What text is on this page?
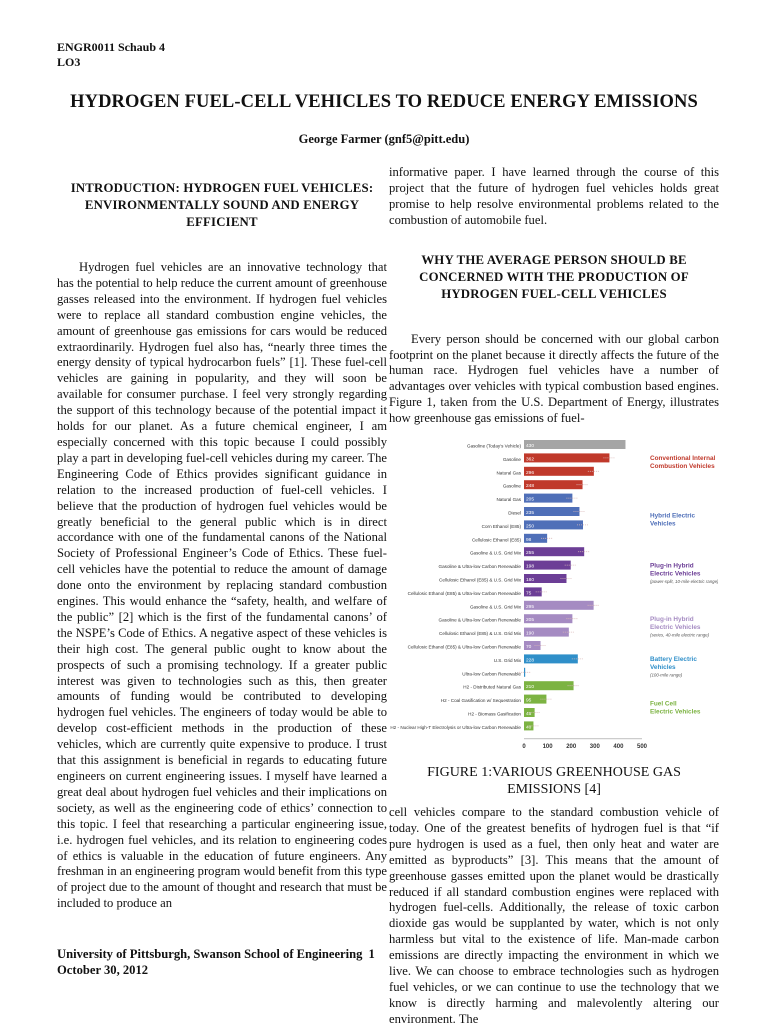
ENGR0011 Schaub 4
LO3
HYDROGEN FUEL-CELL VEHICLES TO REDUCE ENERGY EMISSIONS
George Farmer (gnf5@pitt.edu)
INTRODUCTION: HYDROGEN FUEL VEHICLES: ENVIRONMENTALLY SOUND AND ENERGY EFFICIENT

Hydrogen fuel vehicles are an innovative technology that has the potential to help reduce the current amount of greenhouse gasses released into the environment. If hydrogen fuel vehicles were to replace all standard combustion engine vehicles, the amount of greenhouse gas emissions for cars would be reduced extraordinarily. Hydrogen fuel also has, “nearly three times the energy density of typical hydrocarbon fuels” [1]. These fuel-cell vehicles are gaining in popularity, and they will soon be available for consumer purchase. I feel very strongly regarding the support of this technology because of the potential impact it holds for our planet. As a future chemical engineer, I am especially concerned with this topic because I could possibly play a part in developing fuel-cell vehicles during my career. The Engineering Code of Ethics provides significant guidance in relation to the increased production of fuel-cell vehicles. I believe that the production of hydrogen fuel vehicles would be greatly beneficial to the general public which is in direct accordance with one of the fundamental canons of the National Society of Professional Engineer’s Code of Ethics. These fuel-cell vehicles have the potential to reduce the amount of damage done onto the environment by replacing standard combustion engines. This would enhance the “safety, health, and welfare of the public” [2] which is the first of the fundamental canons’ of the NSPE’s Code of Ethics. A negative aspect of these vehicles is their high cost. The general public ought to know about the prospects of such a promising technology. If a greater public interest was given to technologies such as this, then greater amounts of funding would be contributed to developing hydrogen fuel vehicles. The engineers of today would be able to develop cost-efficient methods in the production of these vehicles, which are currently quite expensive to produce. I trust that this assignment is beneficial in regards to educating future engineers on current engineering issues. I myself have learned a great deal about hydrogen fuel vehicles and their implications on society, as well as the engineering code of ethics’ connection to this topic. I feel that researching a particular engineering issue, i.e. hydrogen fuel vehicles, and its relation to engineering codes of ethics is valuable in the education of future engineers. Any freshman in an engineering program would benefit from this type of project due to the amount of thought and research that must be included to produce an

informative paper. I have learned through the course of this project that the future of hydrogen fuel vehicles holds great promise to help resolve environmental problems related to the combustion of automobile fuel.

WHY THE AVERAGE PERSON SHOULD BE CONCERNED WITH THE PRODUCTION OF HYDROGEN FUEL-CELL VEHICLES

Every person should be concerned with our global carbon footprint on the planet because it directly affects the future of the human race. Hydrogen fuel vehicles have a number of advantages over vehicles with typical combustion based engines. Figure 1, taken from the U.S. Department of Energy, illustrates how greenhouse gas emissions of fuel-

Gasoline (Today's Vehicle) 430
Gasoline 362
Natural Gas 296
Gasoline 248
Natural Gas 205
Diesel 235
Corn Ethanol (E85) 250
Cellulosic Ethanol (E85) 98
Gasoline & U.S. Grid Mix 255
Gasoline & Ultra-low Carbon Renewable 198
Cellulosic Ethanol (E85) & U.S. Grid Mix 180
Cellulosic Ethanol (E85) & Ultra-low Carbon Renewable 75
Gasoline & U.S. Grid Mix 295
Gasoline & Ultra-low Carbon Renewable 205
Cellulosic Ethanol (E85) & U.S. Grid Mix 190
Cellulosic Ethanol (E85) & Ultra-low Carbon Renewable 70
U.S. Grid Mix 228
Ultra-low Carbon Renewable 5
H2 - Distributed Natural Gas 210
H2 - Coal Gasification w/ Sequestration 95
H2 - Biomass Gasification 45
H2 - Nuclear High-T Electrolysis or Ultra-low Carbon Renewable 40
0	100 200 300 400 500
Conventional Internal Combustion Vehicles
Hybrid Electric Vehicles
Plug-in Hybrid Electric Vehicles
(power-split, 10-mile electric range)
Plug-in Hybrid Electric Vehicles
(series, 40-mile electric range)
Battery Electric Vehicles
(100-mile range)
Fuel Cell Electric Vehicles
FIGURE 1:VARIOUS GREENHOUSE GAS EMISSIONS [4]

cell vehicles compare to the standard combustion vehicle of today. One of the greatest benefits of hydrogen fuel is that “if pure hydrogen is used as a fuel, then only heat and water are emitted as byproducts” [3]. This means that the amount of greenhouse gasses emitted upon the planet would be drastically reduced if all standard combustion engines were replaced with hydrogen fuel-cells. Additionally, the release of toxic carbon dioxide gas would be supplanted by water, which is not only harmless but vital to the existence of life. Man-made carbon emissions are directly impacting the environment in which we live. We can choose to embrace technologies such as hydrogen fuel vehicles, or we can continue to use the technology that we know is directly harming and malevolently altering our environment. The

University of Pittsburgh, Swanson School of Engineering 1
October 30, 2012
